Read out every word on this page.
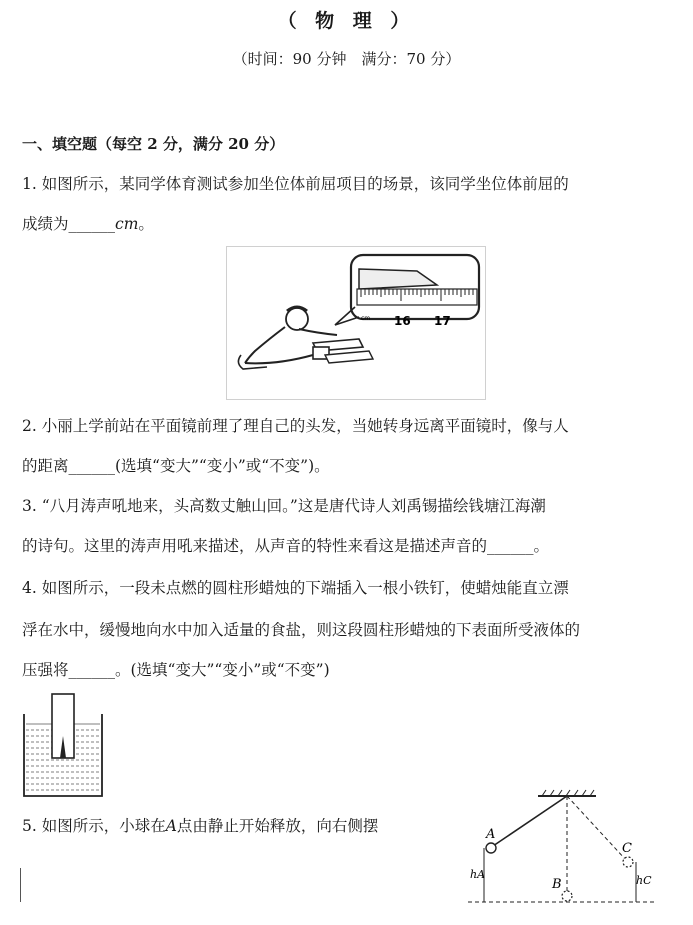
（ 物 理 ）
（时间：90 分钟　满分：70 分）
一、填空题（每空 2 分，满分 20 分）
1. 如图所示，某同学体育测试参加坐位体前屈项目的场景，该同学坐位体前屈的
成绩为______cm。
cm 16 17
2. 小丽上学前站在平面镜前理了理自己的头发，当她转身远离平面镜时，像与人
的距离______(选填“变大”“变小”或“不变”)。
3. “八月涛声吼地来，头高数丈触山回。”这是唐代诗人刘禹锡描绘钱塘江海潮
的诗句。这里的涛声用吼来描述，从声音的特性来看这是描述声音的______。
4. 如图所示，一段未点燃的圆柱形蜡烛的下端插入一根小铁钉，使蜡烛能直立漂
浮在水中，缓慢地向水中加入适量的食盐，则这段圆柱形蜡烛的下表面所受液体的
压强将______。(选填“变大”“变小”或“不变”)
5. 如图所示，小球在A点由静止开始释放，向右侧摆	A
B
C
hA	hC
